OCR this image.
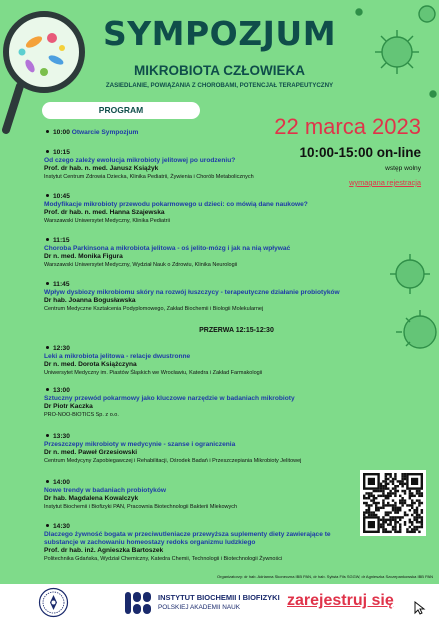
SYMPOZJUM
MIKROBIOTA CZŁOWIEKA
ZASIEDLANIE, POWIĄZANIA Z CHOROBAMI, POTENCJAŁ TERAPEUTYCZNY
PROGRAM
22 marca 2023
10:00-15:00 on-line
wstęp wolny
wymagana rejestracja
10:00 Otwarcie Sympozjum
10:15
Od czego zależy ewolucja mikrobioty jelitowej po urodzeniu?
Prof. dr hab. n. med. Janusz Książyk
Instytut Centrum Zdrowia Dziecka, Klinika Pediatrii, Żywienia i Chorób Metabolicznych
10:45
Modyfikacje mikrobioty przewodu pokarmowego u dzieci: co mówią dane naukowe?
Prof. dr hab. n. med. Hanna Szajewska
Warszawski Uniwersytet Medyczny, Klinika Pediatrii
11:15
Choroba Parkinsona a mikrobiota jelitowa - oś jelito-mózg i jak na nią wpływać
Dr n. med. Monika Figura
Warszawski Uniwersytet Medyczny, Wydział Nauk o Zdrowiu, Klinika Neurologii
11:45
Wpływ dysbiozy mikrobiomu skóry na rozwój łuszczycy - terapeutyczne działanie probiotyków
Dr hab. Joanna Bogusławska
Centrum Medyczne Kształcenia Podyplomowego, Zakład Biochemii i Biologii Molekularnej
PRZERWA 12:15-12:30
12:30
Leki a mikrobiota jelitowa - relacje dwustronne
Dr n. med. Dorota Książczyna
Uniwersytet Medyczny im. Piastów Śląskich we Wrocławiu, Katedra i Zakład Farmakologii
13:00
Sztuczny przewód pokarmowy jako kluczowe narzędzie w badaniach mikrobioty
Dr Piotr Kaczka
PRO-NOO-BIOTICS Sp. z o.o.
13:30
Przeszczepy mikrobioty w medycynie - szanse i ograniczenia
Dr n. med. Paweł Grzesiowski
Centrum Medycyny Zapobiegawczej i Rehabilitacji, Ośrodek Badań i Przeszczepiania Mikrobioty Jelitowej
14:00
Nowe trendy w badaniach probiotyków
Dr hab. Magdalena Kowalczyk
Instytut Biochemii i Biofizyki PAN, Pracownia Biotechnologii Bakterii Mlekowych
14:30
Dlaczego żywność bogata w przeciwutleniacze przewyższa suplementy diety zawierające te substancje w zachowaniu homeostazy redoks organizmu ludzkiego
Prof. dr hab. inż. Agnieszka Bartoszek
Politechnika Gdańska, Wydział Chemiczny, Katedra Chemii, Technologii i Biotechnologii Żywności
Organizatorzy: dr hab. Adrianna Skoneczna IBB PAN, dr hab. Sylwia Fils SGGW, dr Agnieszka Szczepankowska IBB PAN
INSTYTUT BIOCHEMII I BIOFIZYKI
POLSKIEJ AKADEMII NAUK	zarejestruj się
